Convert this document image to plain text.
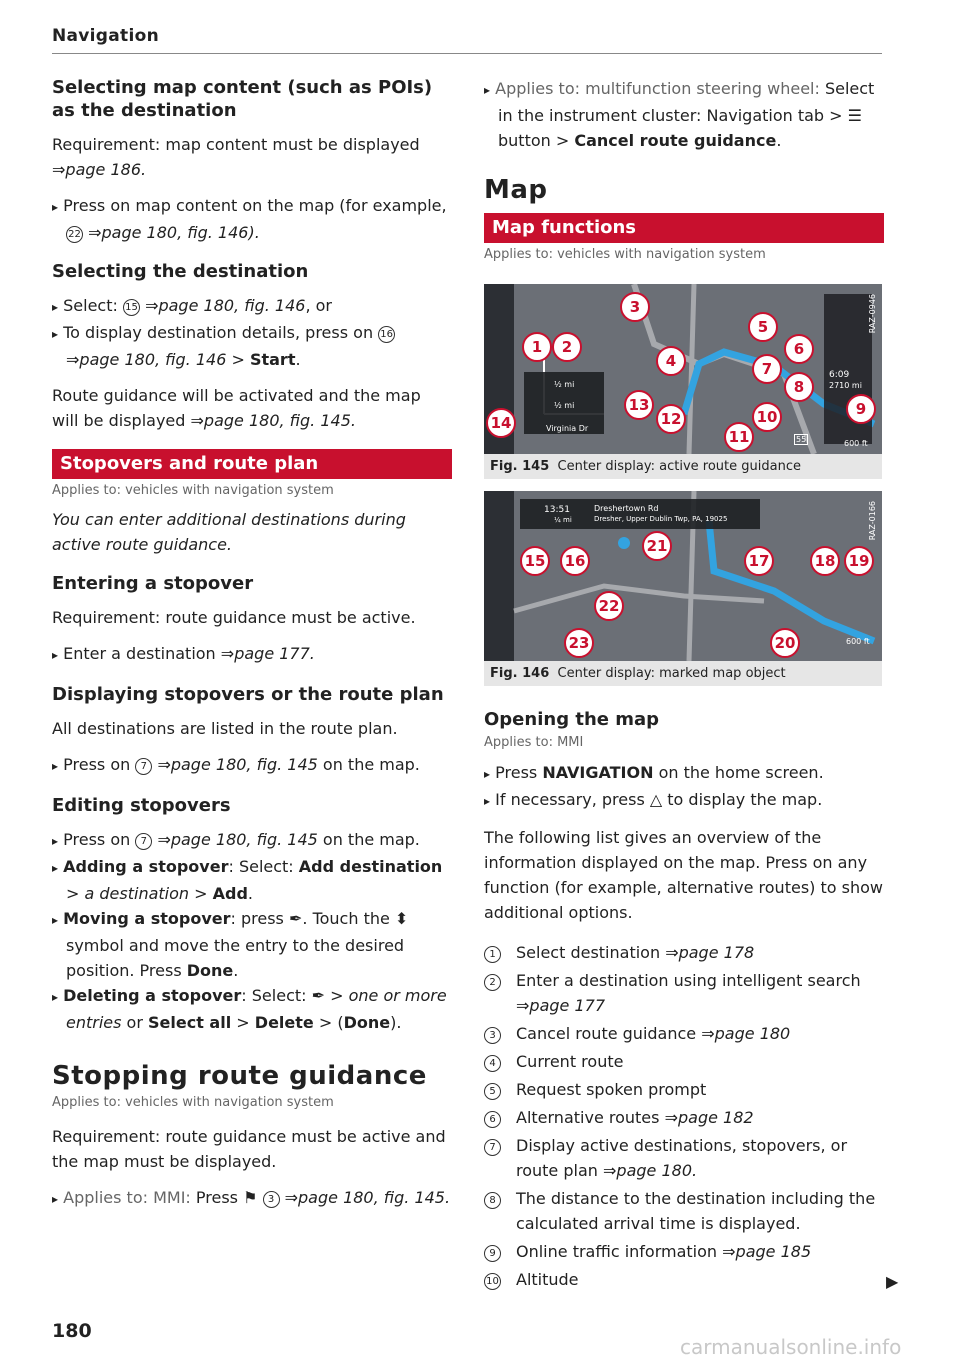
Navigation

Selecting map content (such as POIs) as the destination

Requirement: map content must be displayed
⇒page 186.

▸ Press on map content on the map (for example, 22 ⇒page 180, fig. 146).

Selecting the destination

▸ Select: 15 ⇒page 180, fig. 146, or

▸ To display destination details, press on 16 ⇒page 180, fig. 146 > Start.

Route guidance will be activated and the map will be displayed ⇒page 180, fig. 145.

Stopovers and route plan

Applies to: vehicles with navigation system

You can enter additional destinations during active route guidance.

Entering a stopover

Requirement: route guidance must be active.

▸ Enter a destination ⇒page 177.

Displaying stopovers or the route plan

All destinations are listed in the route plan.

▸ Press on 7 ⇒page 180, fig. 145 on the map.

Editing stopovers

▸ Press on 7 ⇒page 180, fig. 145 on the map.

▸ Adding a stopover: Select: Add destination > a destination > Add.

▸ Moving a stopover: press ✒. Touch the ⬍ symbol and move the entry to the desired position. Press Done.

▸ Deleting a stopover: Select: ✒ > one or more entries or Select all > Delete > (Done).

Stopping route guidance

Applies to: vehicles with navigation system

Requirement: route guidance must be active and the map must be displayed.

▸ Applies to: MMI: Press ⚑ 3 ⇒page 180, fig. 145.

▸ Applies to: multifunction steering wheel: Select in the instrument cluster: Navigation tab > ☰ button > Cancel route guidance.

Map
Map functions

Applies to: vehicles with navigation system

6:09
2710 mi
600 ft
½ mi
½ mi
Virginia Dr
55
RAZ-0946
1	2
3
4
5
6
7
8
9
10
11
12
13
14
Fig. 145 Center display: active route guidance
13:51
¼ mi
Dreshertown Rd
Dresher, Upper Dublin Twp, PA, 19025
600 ft
RAZ-0166
15	16	17	18 19
20
21
22
23
Fig. 146 Center display: marked map object

Opening the map

Applies to: MMI

▸ Press NAVIGATION on the home screen.

▸ If necessary, press △ to display the map.

The following list gives an overview of the information displayed on the map. Press on any function (for example, alternative routes) to show additional options.

1	Select destination ⇒page 178
2	Enter a destination using intelligent search ⇒page 177
3	Cancel route guidance ⇒page 180
4	Current route
5	Request spoken prompt
6	Alternative routes ⇒page 182
7	Display active destinations, stopovers, or route plan ⇒page 180.
8	The distance to the destination including the calculated arrival time is displayed.
9	Online traffic information ⇒page 185
10	Altitude	▶
180
carmanualsonline.info
